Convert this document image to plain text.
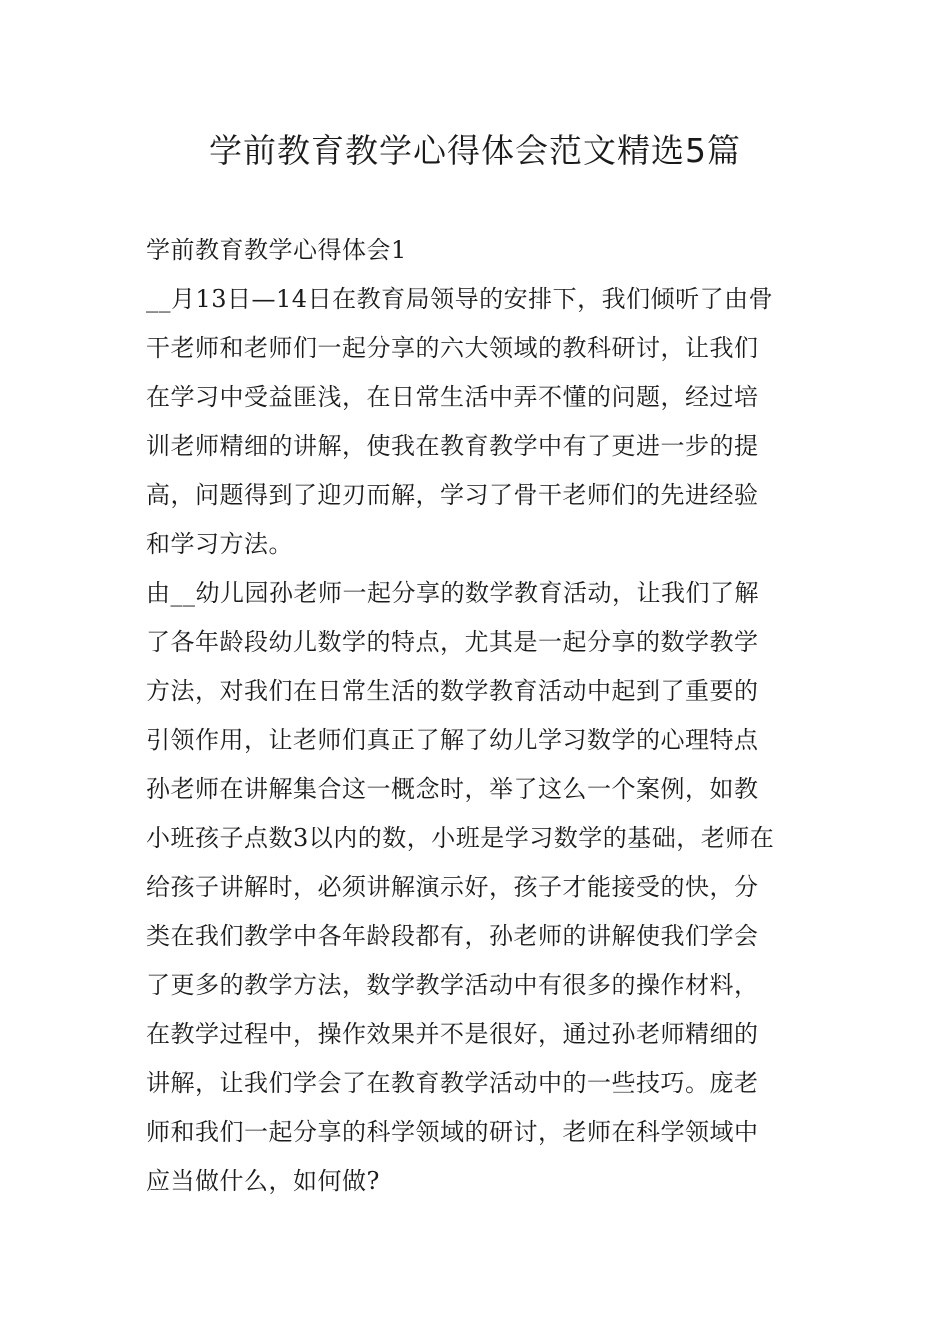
学前教育教学心得体会范文精选5篇

学前教育教学心得体会1

__月13日—14日在教育局领导的安排下，我们倾听了由骨
干老师和老师们一起分享的六大领域的教科研讨，让我们
在学习中受益匪浅，在日常生活中弄不懂的问题，经过培
训老师精细的讲解，使我在教育教学中有了更进一步的提
高，问题得到了迎刃而解，学习了骨干老师们的先进经验
和学习方法。

由__幼儿园孙老师一起分享的数学教育活动，让我们了解
了各年龄段幼儿数学的特点，尤其是一起分享的数学教学
方法，对我们在日常生活的数学教育活动中起到了重要的
引领作用，让老师们真正了解了幼儿学习数学的心理特点
孙老师在讲解集合这一概念时，举了这么一个案例，如教
小班孩子点数3以内的数，小班是学习数学的基础，老师在
给孩子讲解时，必须讲解演示好，孩子才能接受的快，分
类在我们教学中各年龄段都有，孙老师的讲解使我们学会
了更多的教学方法，数学教学活动中有很多的操作材料，
在教学过程中，操作效果并不是很好，通过孙老师精细的
讲解，让我们学会了在教育教学活动中的一些技巧。庞老
师和我们一起分享的科学领域的研讨，老师在科学领域中
应当做什么，如何做?
